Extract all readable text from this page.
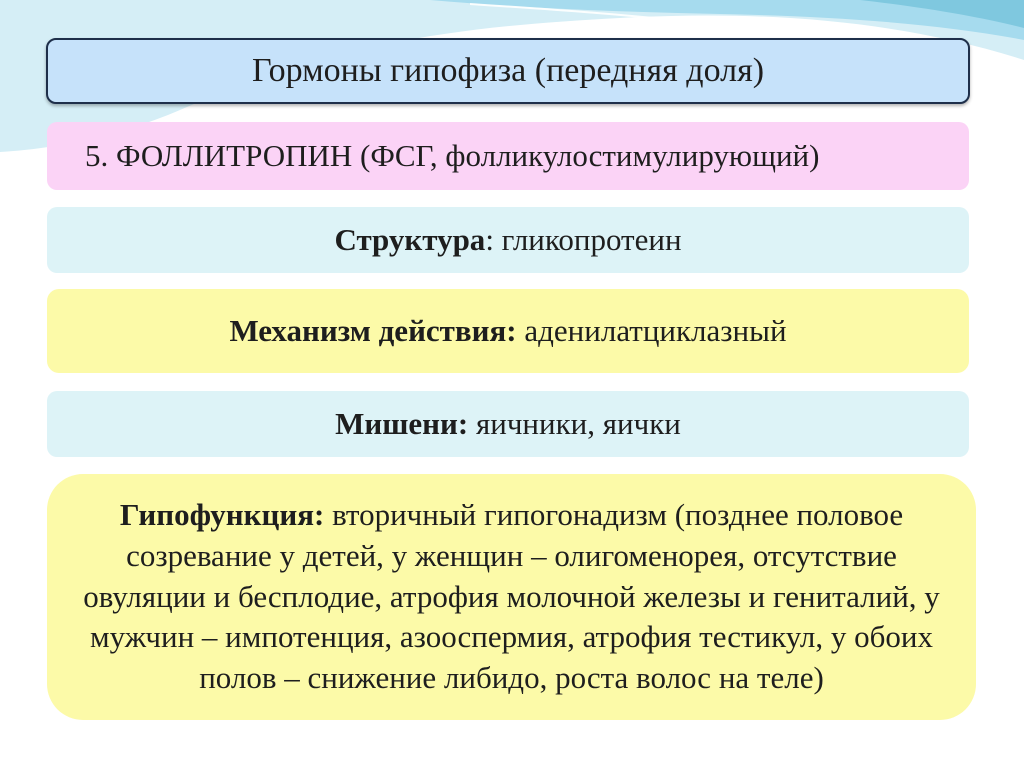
Гормоны гипофиза (передняя доля)
5. ФОЛЛИТРОПИН (ФСГ, фолликулостимулирующий)
Структура: гликопротеин
Механизм действия: аденилатциклазный
Мишени: яичники, яички
Гипофункция: вторичный гипогонадизм (позднее половое созревание у детей, у женщин – олигоменорея, отсутствие овуляции и бесплодие, атрофия молочной железы и гениталий, у мужчин – импотенция, азооспермия, атрофия тестикул, у обоих полов – снижение либидо, роста волос на теле)
